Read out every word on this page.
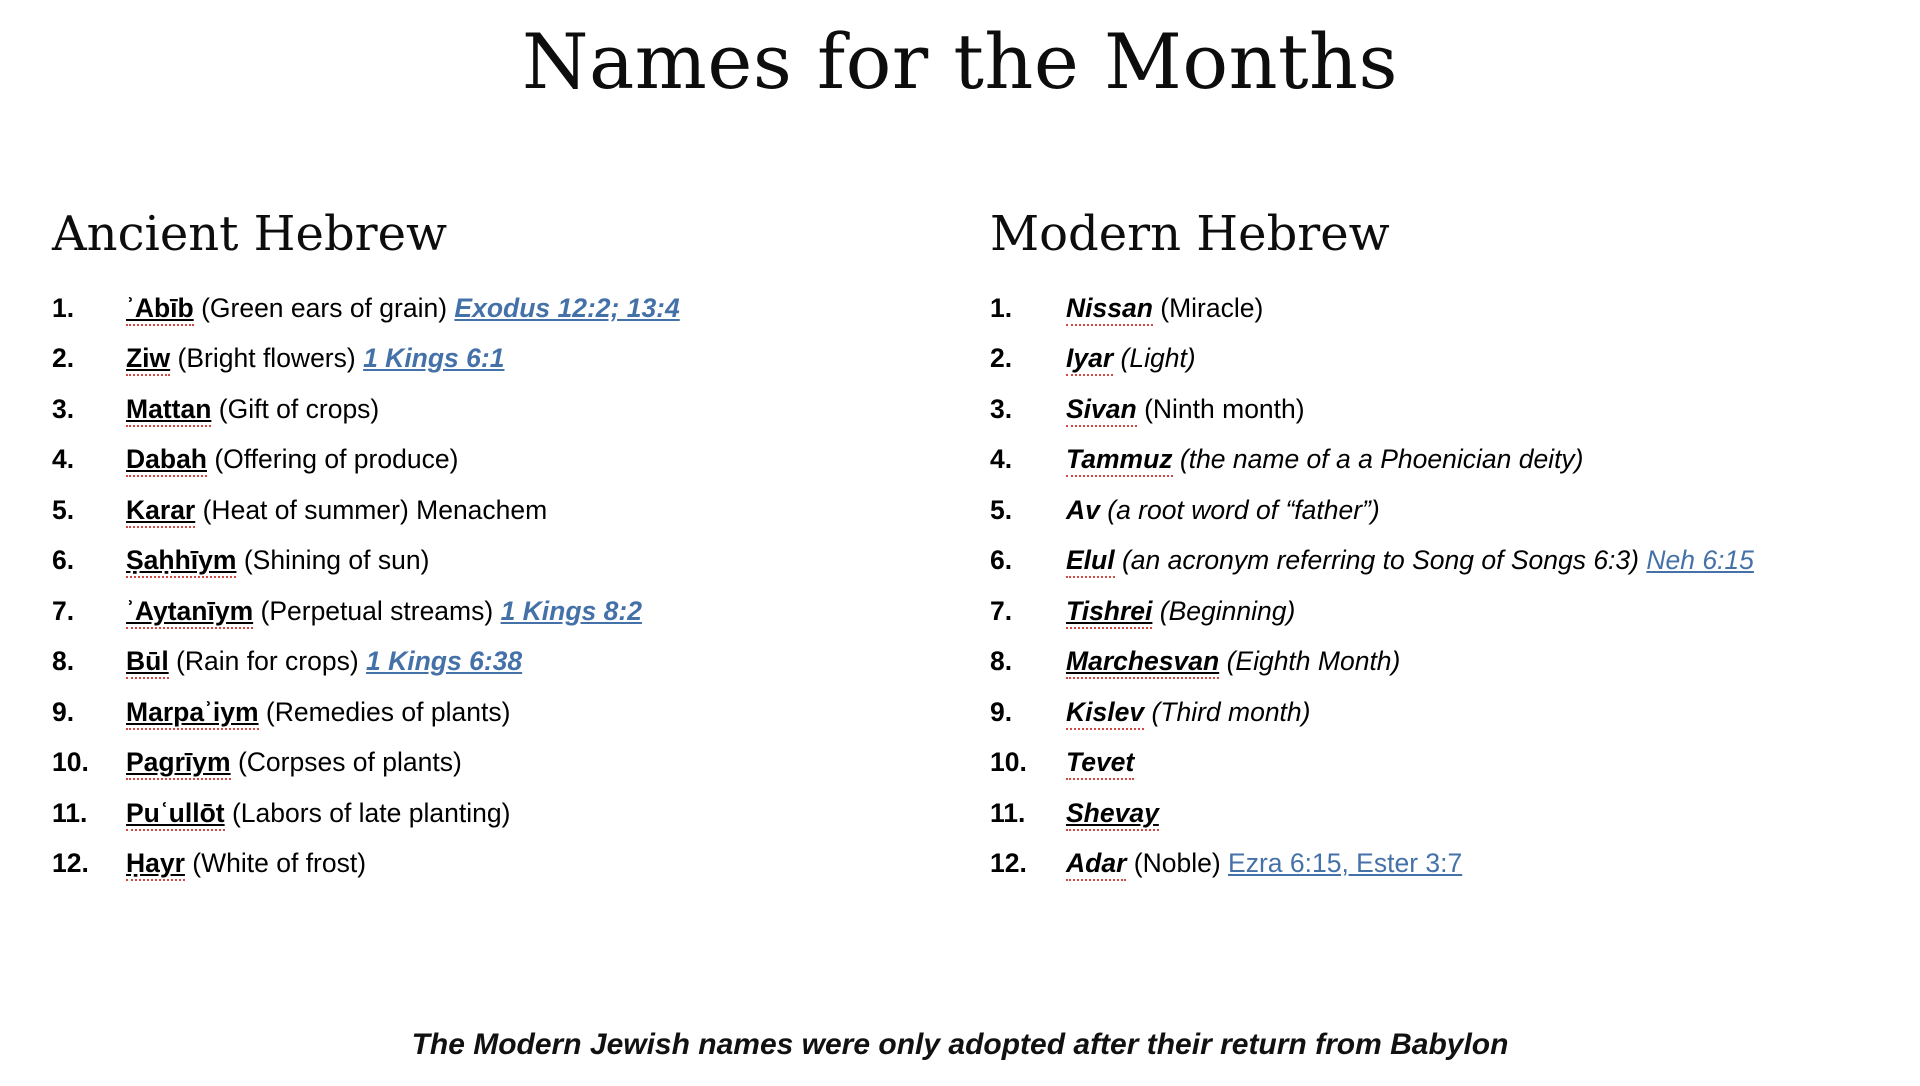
Names for the Months
Ancient Hebrew
1.	ʾAbīb (Green ears of grain) Exodus 12:2; 13:4
2.	Ziw (Bright flowers) 1 Kings 6:1
3.	Mattan (Gift of crops)
4.	Dabah (Offering of produce)
5.	Karar (Heat of summer) Menachem
6.	Ṣaḥhīym (Shining of sun)
7.	ʾAytanīym (Perpetual streams) 1 Kings 8:2
8.	Būl (Rain for crops) 1 Kings 6:38
9.	Marpaʾiym (Remedies of plants)
10.	Pagrīym (Corpses of plants)
11.	Puʿullōt (Labors of late planting)
12.	Ḥayr (White of frost)
Modern Hebrew
1.	Nissan (Miracle)
2.	Iyar (Light)
3.	Sivan (Ninth month)
4.	Tammuz (the name of a a Phoenician deity)
5.	Av (a root word of “father”)
6.	Elul (an acronym referring to Song of Songs 6:3) Neh 6:15
7.	Tishrei (Beginning)
8.	Marchesvan (Eighth Month)
9.	Kislev (Third month)
10.	Tevet
11.	Shevay
12.	Adar (Noble) Ezra 6:15, Ester 3:7
The Modern Jewish names were only adopted after their return from Babylon
